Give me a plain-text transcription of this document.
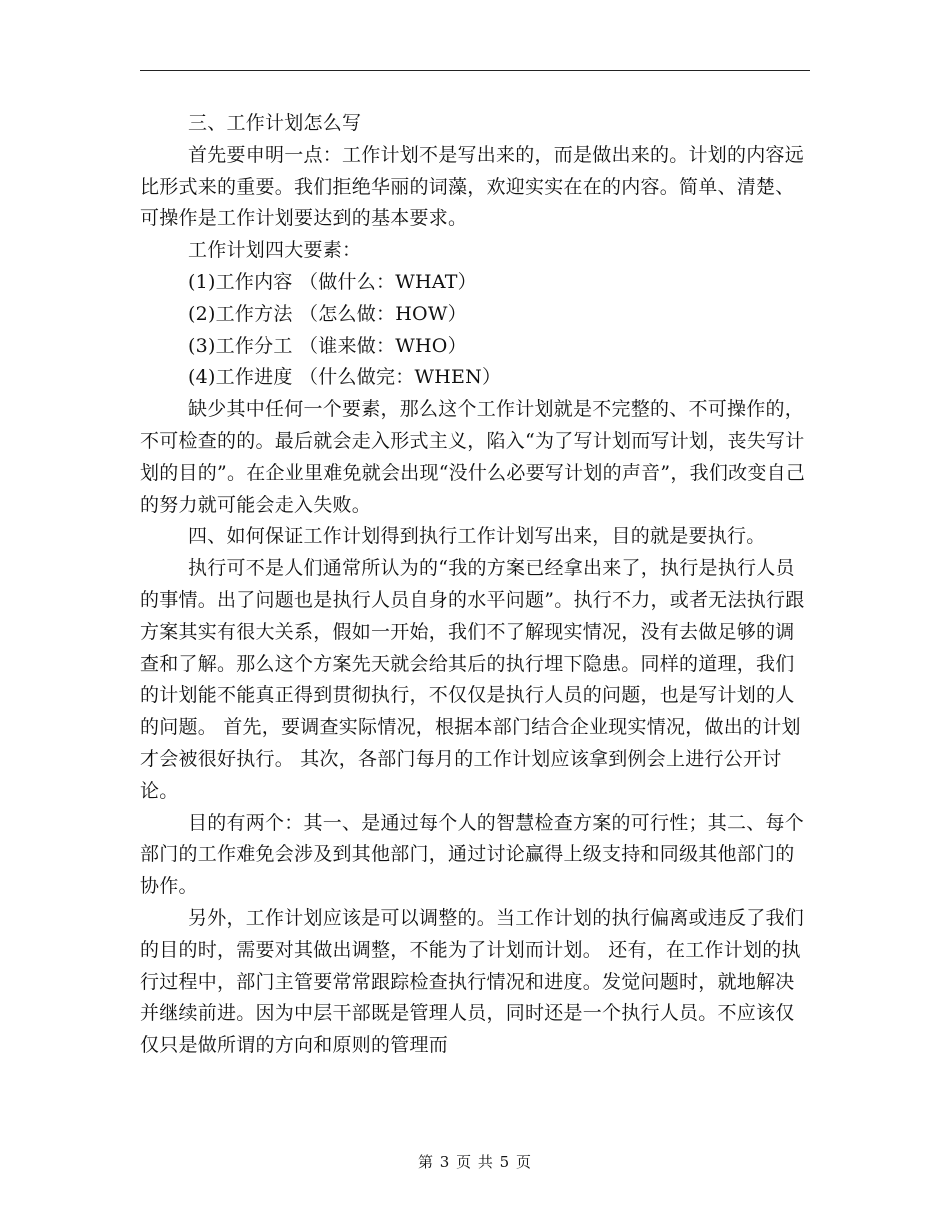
三、工作计划怎么写

首先要申明一点：工作计划不是写出来的，而是做出来的。计划的内容远比形式来的重要。我们拒绝华丽的词藻，欢迎实实在在的内容。简单、清楚、可操作是工作计划要达到的基本要求。

工作计划四大要素：

(1)工作内容 （做什么：WHAT）

(2)工作方法 （怎么做：HOW）

(3)工作分工 （谁来做：WHO）

(4)工作进度 （什么做完：WHEN）

缺少其中任何一个要素，那么这个工作计划就是不完整的、不可操作的，不可检查的的。最后就会走入形式主义，陷入“为了写计划而写计划，丧失写计划的目的”。在企业里难免就会出现“没什么必要写计划的声音”，我们改变自己的努力就可能会走入失败。

四、如何保证工作计划得到执行工作计划写出来，目的就是要执行。

执行可不是人们通常所认为的“我的方案已经拿出来了，执行是执行人员的事情。出了问题也是执行人员自身的水平问题”。执行不力，或者无法执行跟方案其实有很大关系，假如一开始，我们不了解现实情况，没有去做足够的调查和了解。那么这个方案先天就会给其后的执行埋下隐患。同样的道理，我们的计划能不能真正得到贯彻执行，不仅仅是执行人员的问题，也是写计划的人的问题。 首先，要调查实际情况，根据本部门结合企业现实情况，做出的计划才会被很好执行。 其次，各部门每月的工作计划应该拿到例会上进行公开讨论。

目的有两个：其一、是通过每个人的智慧检查方案的可行性；其二、每个部门的工作难免会涉及到其他部门，通过讨论赢得上级支持和同级其他部门的协作。

另外，工作计划应该是可以调整的。当工作计划的执行偏离或违反了我们的目的时，需要对其做出调整，不能为了计划而计划。 还有，在工作计划的执行过程中，部门主管要常常跟踪检查执行情况和进度。发觉问题时，就地解决并继续前进。因为中层干部既是管理人员，同时还是一个执行人员。不应该仅仅只是做所谓的方向和原则的管理而

第 3 页 共 5 页
